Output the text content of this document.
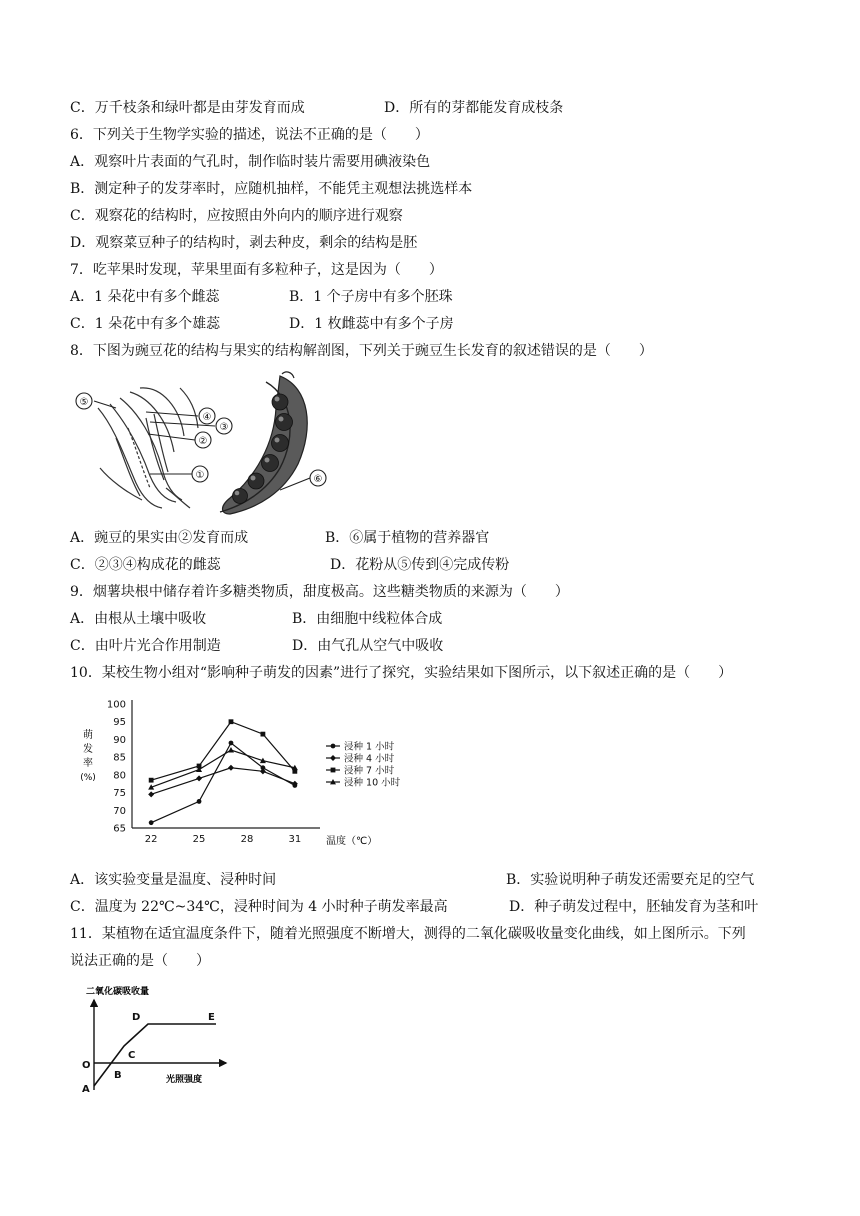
C．万千枝条和绿叶都是由芽发育而成	D．所有的芽都能发育成枝条
6．下列关于生物学实验的描述，说法不正确的是（　　）
A．观察叶片表面的气孔时，制作临时装片需要用碘液染色
B．测定种子的发芽率时，应随机抽样，不能凭主观想法挑选样本
C．观察花的结构时，应按照由外向内的顺序进行观察
D．观察菜豆种子的结构时，剥去种皮，剩余的结构是胚
7．吃苹果时发现，苹果里面有多粒种子，这是因为（　　）
A．1 朵花中有多个雌蕊	B．1 个子房中有多个胚珠
C．1 朵花中有多个雄蕊	D．1 枚雌蕊中有多个子房
8．下图为豌豆花的结构与果实的结构解剖图，下列关于豌豆生长发育的叙述错误的是（　　）
⑤
④
③
②
①	⑥
A．豌豆的果实由②发育而成	B．⑥属于植物的营养器官
C．②③④构成花的雌蕊	D．花粉从⑤传到④完成传粉
9．烟薯块根中储存着许多糖类物质，甜度极高。这些糖类物质的来源为（　　）
A．由根从土壤中吸收	B．由细胞中线粒体合成
C．由叶片光合作用制造	D．由气孔从空气中吸收
10．某校生物小组对“影响种子萌发的因素”进行了探究，实验结果如下图所示，以下叙述正确的是（　　）
65
70
75
80
85
90
95
100
22	25	28	31
浸种 1 小时
浸种 4 小时
浸种 7 小时
浸种 10 小时
萌
发
率
(%)
温度（℃）
A．该实验变量是温度、浸种时间	B．实验说明种子萌发还需要充足的空气
C．温度为 22℃~34℃，浸种时间为 4 小时种子萌发率最高	D．种子萌发过程中，胚轴发育为茎和叶
11．某植物在适宜温度条件下，随着光照强度不断增大，测得的二氧化碳吸收量变化曲线，如上图所示。下列
说法正确的是（　　）
二氧化碳吸收量
光照强度
O
A
B
C
D	E
